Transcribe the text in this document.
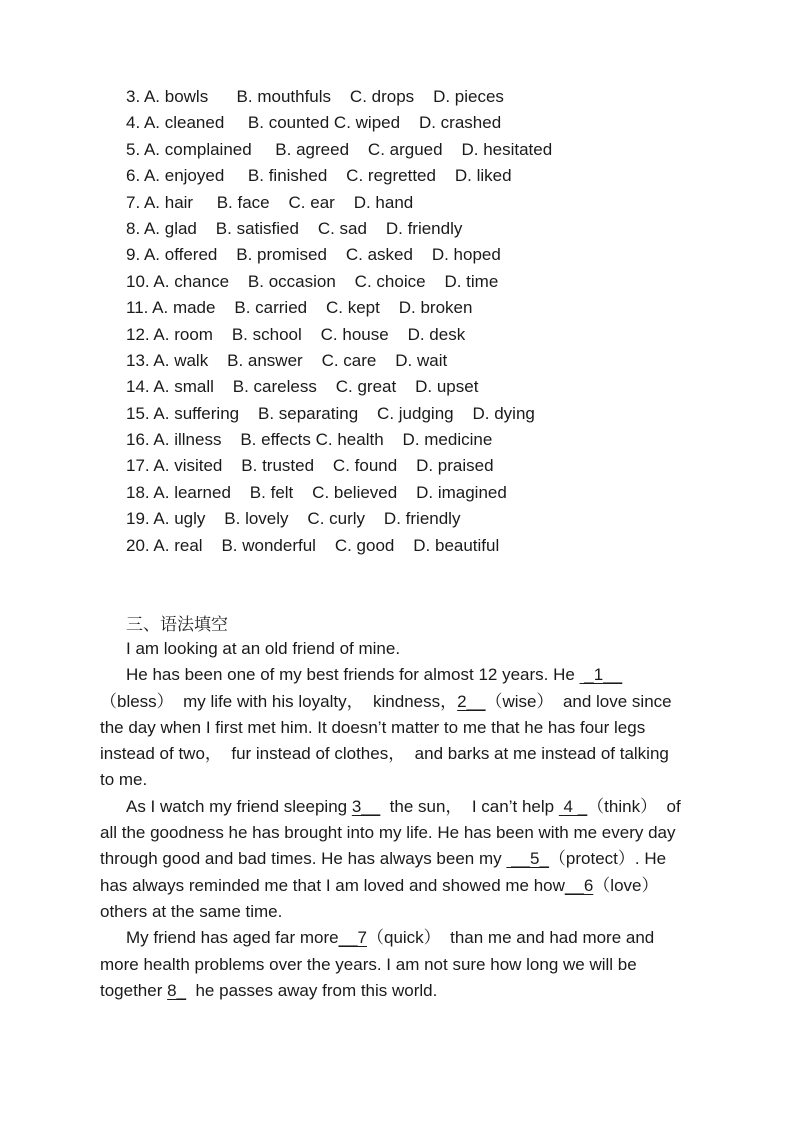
3. A. bowls      B. mouthfuls    C. drops    D. pieces
4. A. cleaned     B. counted C. wiped    D. crashed
5. A. complained     B. agreed    C. argued    D. hesitated
6. A. enjoyed     B. finished    C. regretted    D. liked
7. A. hair     B. face    C. ear    D. hand
8. A. glad    B. satisfied    C. sad    D. friendly
9. A. offered    B. promised    C. asked    D. hoped
10. A. chance    B. occasion    C. choice    D. time
11. A. made    B. carried    C. kept    D. broken
12. A. room    B. school    C. house    D. desk
13. A. walk    B. answer    C. care    D. wait
14. A. small    B. careless    C. great    D. upset
15. A. suffering    B. separating    C. judging    D. dying
16. A. illness    B. effects C. health    D. medicine
17. A. visited    B. trusted    C. found    D. praised
18. A. learned    B. felt    C. believed    D. imagined
19. A. ugly    B. lovely    C. curly    D. friendly
20. A. real    B. wonderful    C. good    D. beautiful
三、语法填空
I am looking at an old friend of mine.
He has been one of my best friends for almost 12 years. He  _1__
（bless）  my life with his loyalty，  kindness，2__（wise）  and love since
the day when I first met him. It doesn’t matter to me that he has four legs
instead of two，  fur instead of clothes，  and barks at me instead of talking
to me.
As I watch my friend sleeping 3__  the sun，  I can’t help  4 _（think）  of
all the goodness he has brought into my life. He has been with me every day
through good and bad times. He has always been my  __5_（protect）. He
has always reminded me that I am loved and showed me how__6（love）
others at the same time.
My friend has aged far more__7（quick）  than me and had more and
more health problems over the years. I am not sure how long we will be
together 8_  he passes away from this world.
